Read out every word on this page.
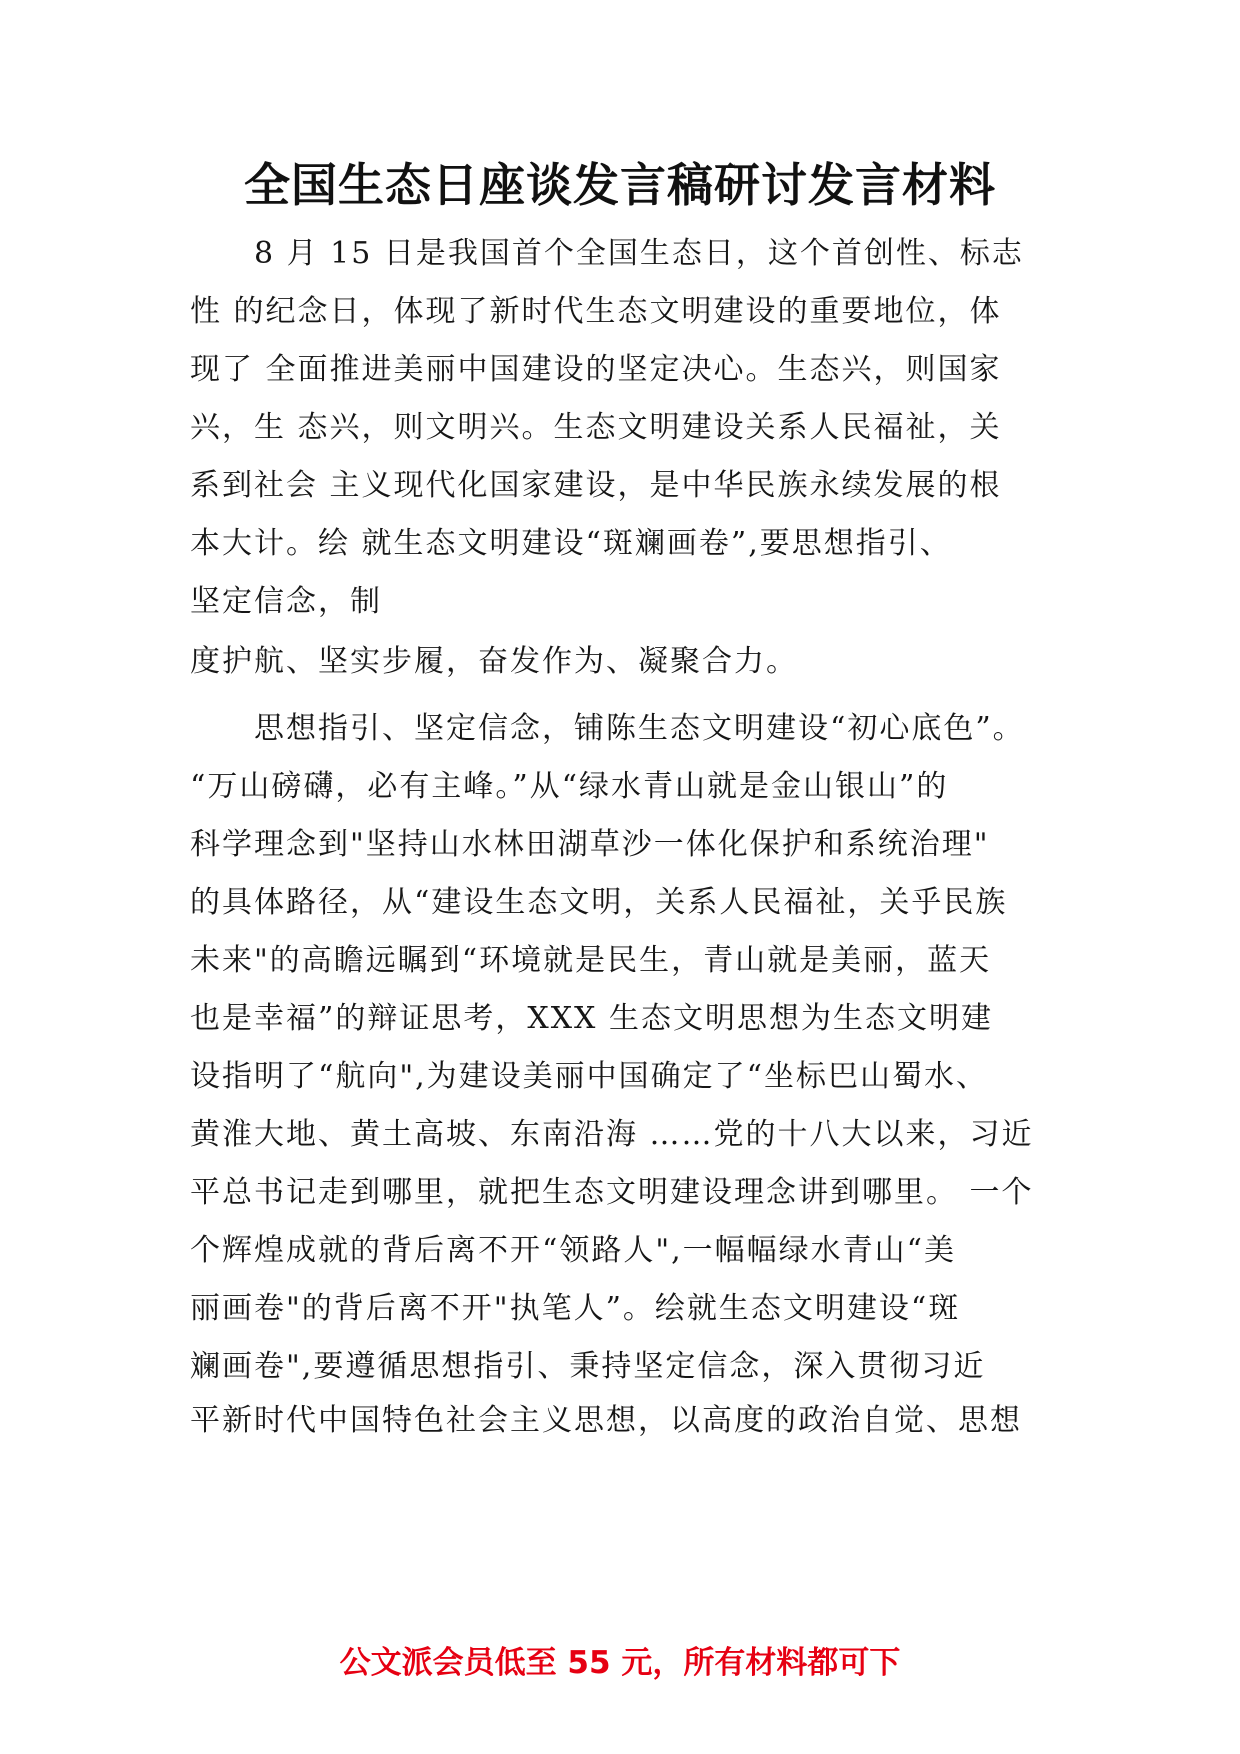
全国生态日座谈发言稿研讨发言材料
8 月 15 日是我国首个全国生态日，这个首创性、标志
性 的纪念日，体现了新时代生态文明建设的重要地位，体
现了 全面推进美丽中国建设的坚定决心。生态兴，则国家
兴，生 态兴，则文明兴。生态文明建设关系人民福祉，关
系到社会 主义现代化国家建设，是中华民族永续发展的根
本大计。绘 就生态文明建设“斑斓画卷”,要思想指引、
坚定信念，制
度护航、坚实步履，奋发作为、凝聚合力。
思想指引、坚定信念，铺陈生态文明建设“初心底色”。
“万山磅礴，必有主峰。”从“绿水青山就是金山银山”的
科学理念到"坚持山水林田湖草沙一体化保护和系统治理"
的具体路径，从“建设生态文明，关系人民福祉，关乎民族
未来"的高瞻远瞩到“环境就是民生，青山就是美丽，蓝天
也是幸福”的辩证思考，XXX 生态文明思想为生态文明建
设指明了“航向",为建设美丽中国确定了“坐标巴山蜀水、
黄淮大地、黄土高坡、东南沿海 ……党的十八大以来，习近
平总书记走到哪里，就把生态文明建设理念讲到哪里。 一个
个辉煌成就的背后离不开“领路人",一幅幅绿水青山“美
丽画卷"的背后离不开"执笔人”。绘就生态文明建设“斑
斓画卷",要遵循思想指引、秉持坚定信念，深入贯彻习近
平新时代中国特色社会主义思想，以高度的政治自觉、思想
公文派会员低至 55 元，所有材料都可下
